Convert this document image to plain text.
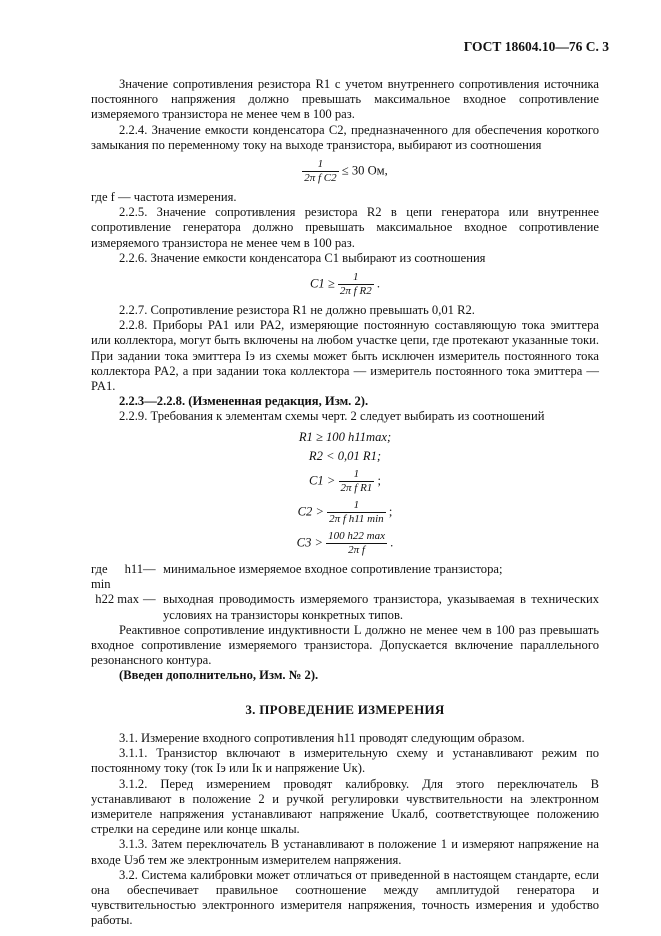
ГОСТ 18604.10—76 С. 3

Значение сопротивления резистора R1 с учетом внутреннего сопротивления источника постоянного напряжения должно превышать максимальное входное сопротивление измеряемого транзистора не менее чем в 100 раз.

2.2.4. Значение емкости конденсатора C2, предназначенного для обеспечения короткого замыкания по переменному току на выходе транзистора, выбирают из соотношения

$\frac{1}{\text{2π f C2}} \le 30$ Ом,

где f — частота измерения.

2.2.5. Значение сопротивления резистора R2 в цепи генератора или внутреннее сопротивление генератора должно превышать максимальное входное сопротивление измеряемого транзистора не менее чем в 100 раз.

2.2.6. Значение емкости конденсатора C1 выбирают из соотношения

$C1 \ge \frac{1}{\text{2π f R2}}$ .

2.2.7. Сопротивление резистора R1 не должно превышать 0,01 R2.

2.2.8. Приборы PA1 или PA2, измеряющие постоянную составляющую тока эмиттера или коллектора, могут быть включены на любом участке цепи, где протекают указанные токи. При задании тока эмиттера Iэ из схемы может быть исключен измеритель постоянного тока коллектора PA2, а при задании тока коллектора — измеритель постоянного тока эмиттера — PA1.

2.2.3—2.2.8. (Измененная редакция, Изм. 2).

2.2.9. Требования к элементам схемы черт. 2 следует выбирать из соотношений

R1 ≥ 100 h11max;
R2 < 0,01 R1;
$C1 > \frac{1}{\text{2π f R1}}$ ;
$C2 > \frac{1}{\text{2π f h11 min}}$ ;
$C3 > \frac{100 h22 \max}{\text{2π f}}$ .
где h11 min
— минимальное измеряемое входное сопротивление транзистора;
h22 max — выходная проводимость измеряемого транзистора, указываемая в технических условиях на транзисторы конкретных типов.

Реактивное сопротивление индуктивности L должно не менее чем в 100 раз превышать входное сопротивление измеряемого транзистора. Допускается включение параллельного резонансного контура.

(Введен дополнительно, Изм. № 2).

3. ПРОВЕДЕНИЕ ИЗМЕРЕНИЯ

3.1. Измерение входного сопротивления h11 проводят следующим образом.

3.1.1. Транзистор включают в измерительную схему и устанавливают режим по постоянному току (ток Iэ или Iк и напряжение Uк).

3.1.2. Перед измерением проводят калибровку. Для этого переключатель B устанавливают в положение 2 и ручкой регулировки чувствительности на электронном измерителе напряжения устанавливают напряжение Uкалб, соответствующее положению стрелки на середине или конце шкалы.

3.1.3. Затем переключатель B устанавливают в положение 1 и измеряют напряжение на входе Uэб тем же электронным измерителем напряжения.

3.2. Система калибровки может отличаться от приведенной в настоящем стандарте, если она обеспечивает правильное соотношение между амплитудой генератора и чувствительностью электронного измерителя напряжения, точность измерения и удобство работы.
